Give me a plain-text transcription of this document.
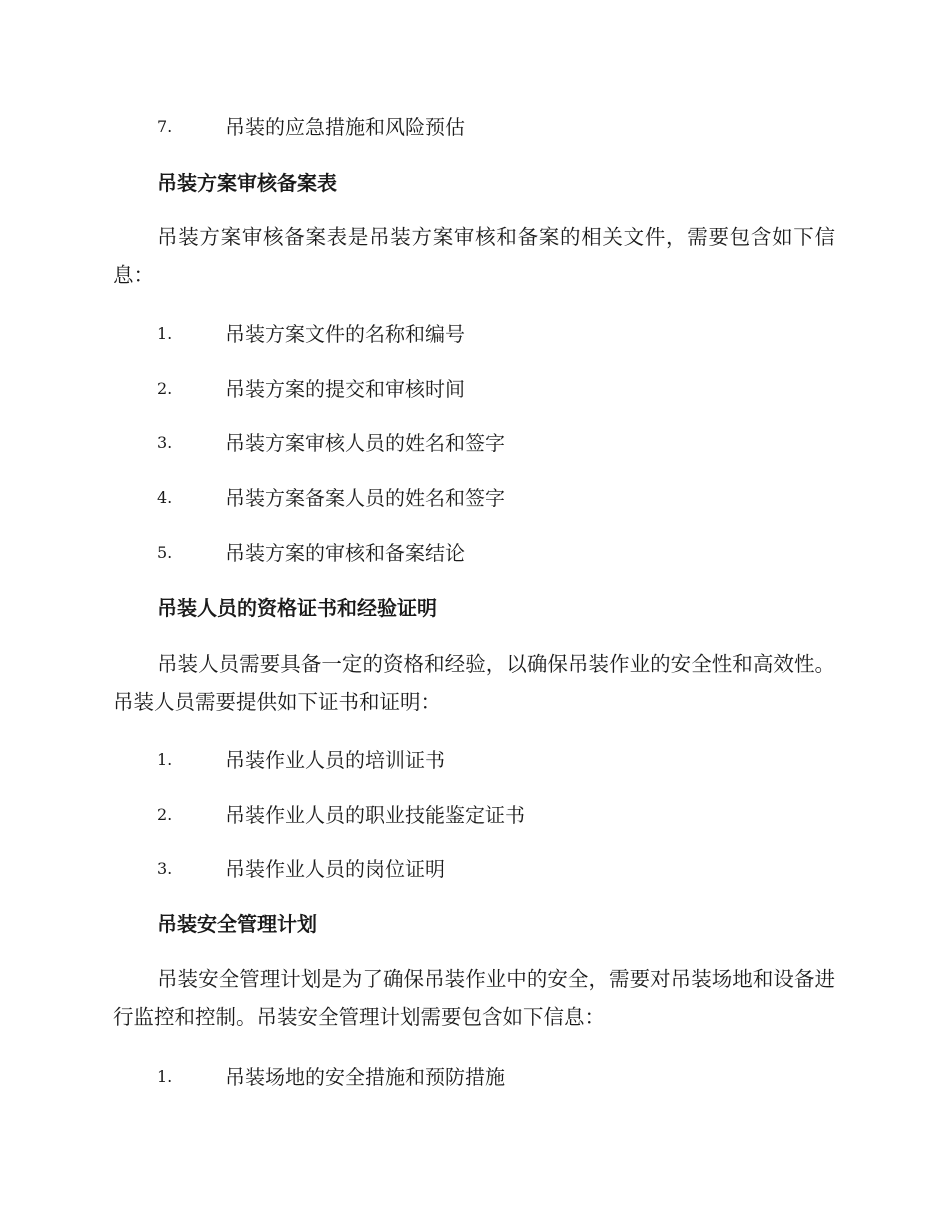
7.	吊装的应急措施和风险预估
吊装方案审核备案表

吊装方案审核备案表是吊装方案审核和备案的相关文件，需要包含如下信息：

1.	吊装方案文件的名称和编号
2.	吊装方案的提交和审核时间
3.	吊装方案审核人员的姓名和签字
4.	吊装方案备案人员的姓名和签字
5.	吊装方案的审核和备案结论
吊装人员的资格证书和经验证明

吊装人员需要具备一定的资格和经验，以确保吊装作业的安全性和高效性。吊装人员需要提供如下证书和证明：

1.	吊装作业人员的培训证书
2.	吊装作业人员的职业技能鉴定证书
3.	吊装作业人员的岗位证明
吊装安全管理计划

吊装安全管理计划是为了确保吊装作业中的安全，需要对吊装场地和设备进行监控和控制。吊装安全管理计划需要包含如下信息：

1.	吊装场地的安全措施和预防措施
